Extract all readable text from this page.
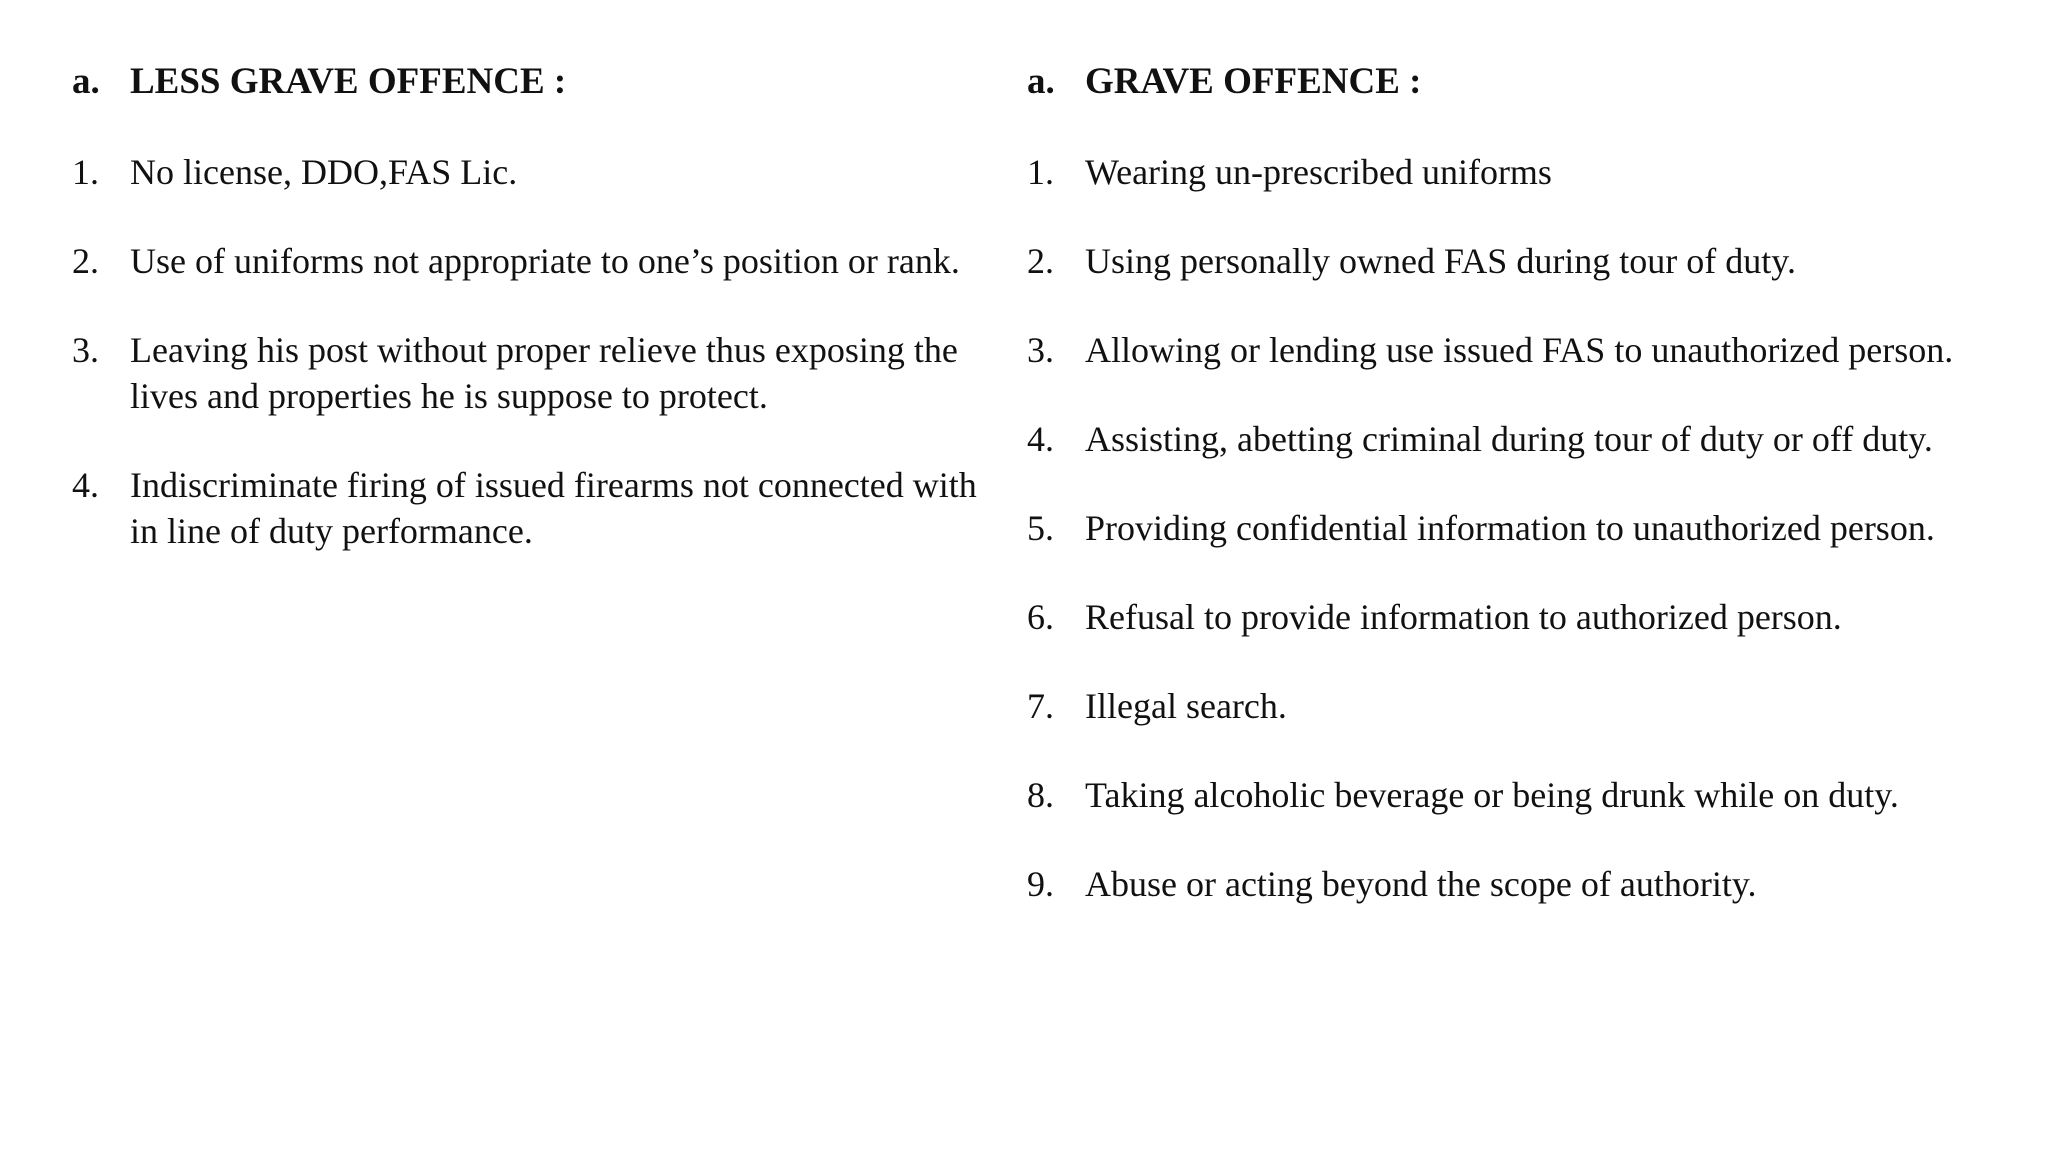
a. LESS GRAVE OFFENCE :
1. No license, DDO,FAS Lic.
2. Use of uniforms not appropriate to one’s position or rank.
3. Leaving his post without proper relieve thus exposing the lives and properties he is suppose to protect.
4. Indiscriminate firing of issued firearms not connected with in line of duty performance.
a. GRAVE OFFENCE :
1. Wearing un-prescribed uniforms
2. Using personally owned FAS during tour of duty.
3. Allowing or lending use issued FAS to unauthorized person.
4. Assisting, abetting criminal during tour of duty or off duty.
5. Providing confidential information to unauthorized person.
6. Refusal to provide information to authorized person.
7. Illegal search.
8. Taking alcoholic beverage or being drunk while on duty.
9. Abuse or acting beyond the scope of authority.
